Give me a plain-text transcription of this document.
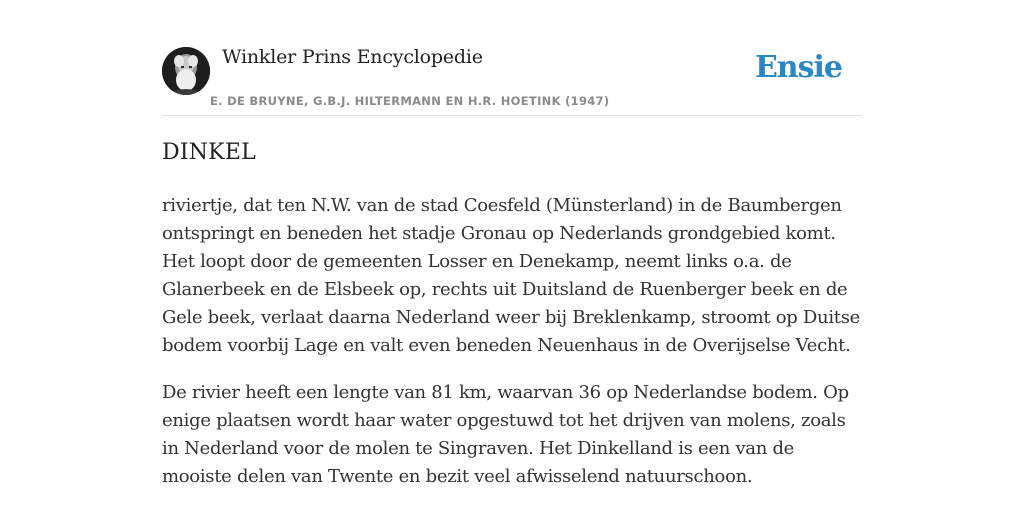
Winkler Prins Encyclopedie
E. DE BRUYNE, G.B.J. HILTERMANN EN H.R. HOETINK (1947)
Ensie
DINKEL

riviertje, dat ten N.W. van de stad Coesfeld (Münsterland) in de Baumbergen ontspringt en beneden het stadje Gronau op Nederlands grondgebied komt. Het loopt door de gemeenten Losser en Denekamp, neemt links o.a. de Glanerbeek en de Elsbeek op, rechts uit Duitsland de Ruenberger beek en de Gele beek, verlaat daarna Nederland weer bij Breklenkamp, stroomt op Duitse bodem voorbij Lage en valt even beneden Neuenhaus in de Overijselse Vecht.

De rivier heeft een lengte van 81 km, waarvan 36 op Nederlandse bodem. Op enige plaatsen wordt haar water opgestuwd tot het drijven van molens, zoals in Nederland voor de molen te Singraven. Het Dinkelland is een van de mooiste delen van Twente en bezit veel afwisselend natuurschoon.
